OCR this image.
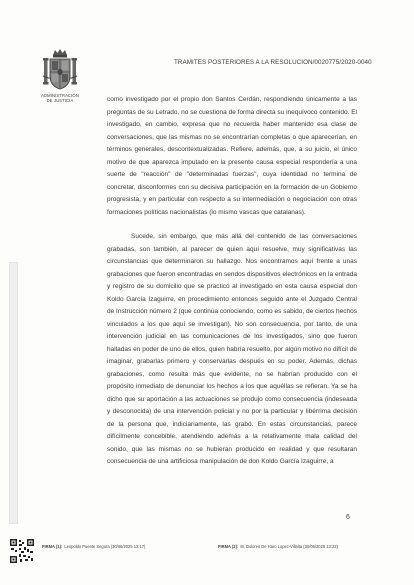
ADMINISTRACIÓN
DE JUSTICIA
TRAMITES POSTERIORES A LA RESOLUCION/0020775/2020-0040

como investigado por el propio don Santos Cerdán, respondiendo únicamente a las preguntas de su Letrado, no se cuestiona de forma directa su inequívoco contenido. El investigado, en cambio, expresa que no recuerda haber mantenido esa clase de conversaciones, que las mismas no se encontrarían completas o que aparecerían, en términos generales, descontextualizadas. Refiere, además, que, a su juicio, el único motivo de que aparezca imputado en la presente causa especial respondería a una suerte de "reacción" de "determinadas fuerzas", cuya identidad no termina de concretar, disconformes con su decisiva participación en la formación de un Gobierno progresista, y en particular con respecto a su intermediación o negociación con otras formaciones políticas nacionalistas (lo mismo vascas que catalanas).

Sucede, sin embargo, que más allá del contenido de las conversaciones grabadas, son también, al parecer de quien aquí resuelve, muy significativas las circunstancias que determinaron su hallazgo. Nos encontramos aquí frente a unas grabaciones que fueron encontradas en sendos dispositivos electrónicos en la entrada y registro de su domicilio que se practicó al investigado en esta causa especial don Koldo García Izaguirre, en procedimiento entonces seguido ante el Juzgado Central de Instrucción número 2 (que continúa conociendo, como es sabido, de ciertos hechos vinculados a los que aquí se investigan). No son consecuencia, por tanto, de una intervención judicial en las comunicaciones de los investigados, sino que fueron halladas en poder de uno de ellos, quien habría resuelto, por algún motivo no difícil de imaginar, grabarlas primero y conservarlas después en su poder. Además, dichas grabaciones, como resulta más que evidente, no se habrían producido con el propósito inmediato de denunciar los hechos a los que aquéllas se refieran. Ya se ha dicho que su aportación a las actuaciones se produjo como consecuencia (indeseada y desconocida) de una intervención policial y no por la particular y libérrima decisión de la persona que, indiciariamente, las grabó. En estas circunstancias, parece difícilmente concebible, atendiendo además a la relativamente mala calidad del sonido, que las mismas no se hubieran producido en realidad y que resultaran consecuencia de una artificiosa manipulación de don Koldo García Izaguirre, a

6
FIRMA (1): Leopoldo Puente Segura (30/06/2025 13:17)	FIRMA (2): M. Dolores De Haro Lopez-Villalta (30/06/2025 13:23)
